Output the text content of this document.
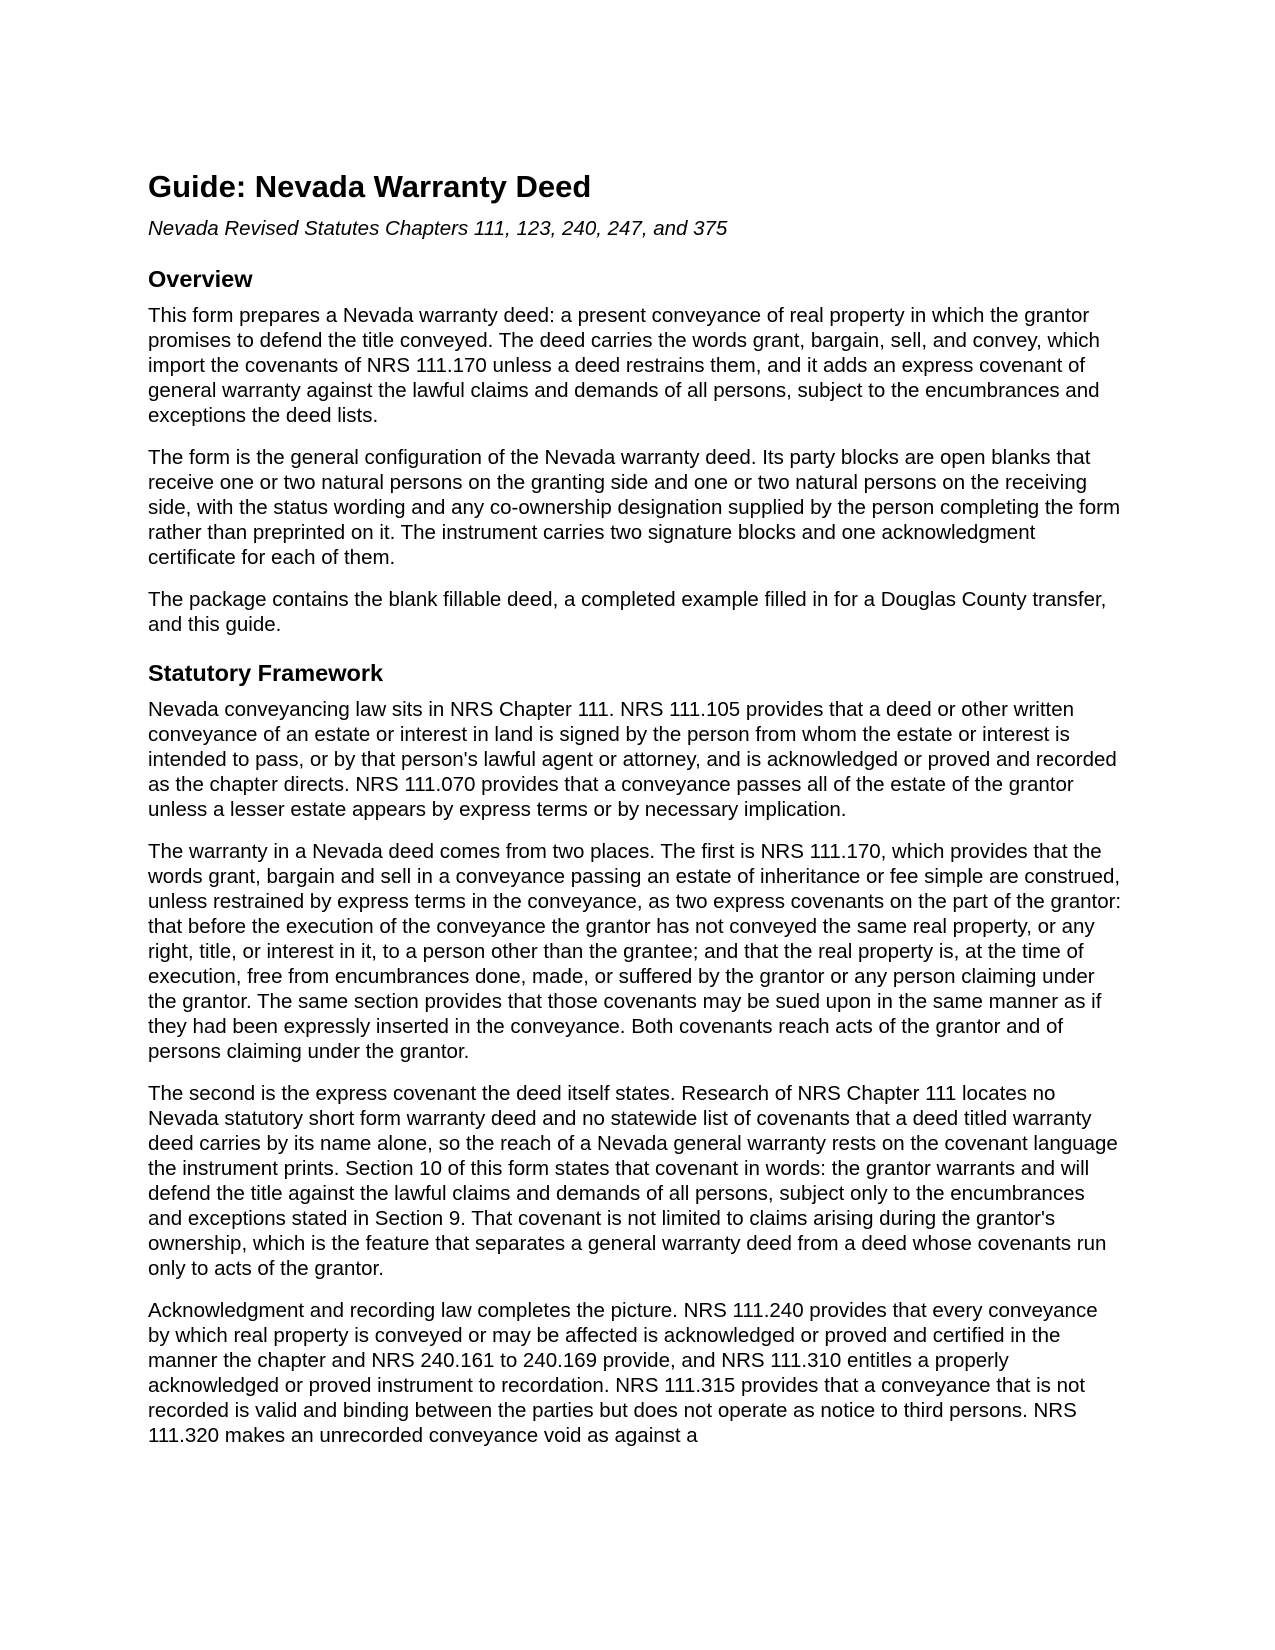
Guide: Nevada Warranty Deed
Nevada Revised Statutes Chapters 111, 123, 240, 247, and 375
Overview

This form prepares a Nevada warranty deed: a present conveyance of real property in which the grantor promises to defend the title conveyed. The deed carries the words grant, bargain, sell, and convey, which import the covenants of NRS 111.170 unless a deed restrains them, and it adds an express covenant of general warranty against the lawful claims and demands of all persons, subject to the encumbrances and exceptions the deed lists.

The form is the general configuration of the Nevada warranty deed. Its party blocks are open blanks that receive one or two natural persons on the granting side and one or two natural persons on the receiving side, with the status wording and any co-ownership designation supplied by the person completing the form rather than preprinted on it. The instrument carries two signature blocks and one acknowledgment certificate for each of them.

The package contains the blank fillable deed, a completed example filled in for a Douglas County transfer, and this guide.

Statutory Framework

Nevada conveyancing law sits in NRS Chapter 111. NRS 111.105 provides that a deed or other written conveyance of an estate or interest in land is signed by the person from whom the estate or interest is intended to pass, or by that person's lawful agent or attorney, and is acknowledged or proved and recorded as the chapter directs. NRS 111.070 provides that a conveyance passes all of the estate of the grantor unless a lesser estate appears by express terms or by necessary implication.

The warranty in a Nevada deed comes from two places. The first is NRS 111.170, which provides that the words grant, bargain and sell in a conveyance passing an estate of inheritance or fee simple are construed, unless restrained by express terms in the conveyance, as two express covenants on the part of the grantor: that before the execution of the conveyance the grantor has not conveyed the same real property, or any right, title, or interest in it, to a person other than the grantee; and that the real property is, at the time of execution, free from encumbrances done, made, or suffered by the grantor or any person claiming under the grantor. The same section provides that those covenants may be sued upon in the same manner as if they had been expressly inserted in the conveyance. Both covenants reach acts of the grantor and of persons claiming under the grantor.

The second is the express covenant the deed itself states. Research of NRS Chapter 111 locates no Nevada statutory short form warranty deed and no statewide list of covenants that a deed titled warranty deed carries by its name alone, so the reach of a Nevada general warranty rests on the covenant language the instrument prints. Section 10 of this form states that covenant in words: the grantor warrants and will defend the title against the lawful claims and demands of all persons, subject only to the encumbrances and exceptions stated in Section 9. That covenant is not limited to claims arising during the grantor's ownership, which is the feature that separates a general warranty deed from a deed whose covenants run only to acts of the grantor.

Acknowledgment and recording law completes the picture. NRS 111.240 provides that every conveyance by which real property is conveyed or may be affected is acknowledged or proved and certified in the manner the chapter and NRS 240.161 to 240.169 provide, and NRS 111.310 entitles a properly acknowledged or proved instrument to recordation. NRS 111.315 provides that a conveyance that is not recorded is valid and binding between the parties but does not operate as notice to third persons. NRS 111.320 makes an unrecorded conveyance void as against a
